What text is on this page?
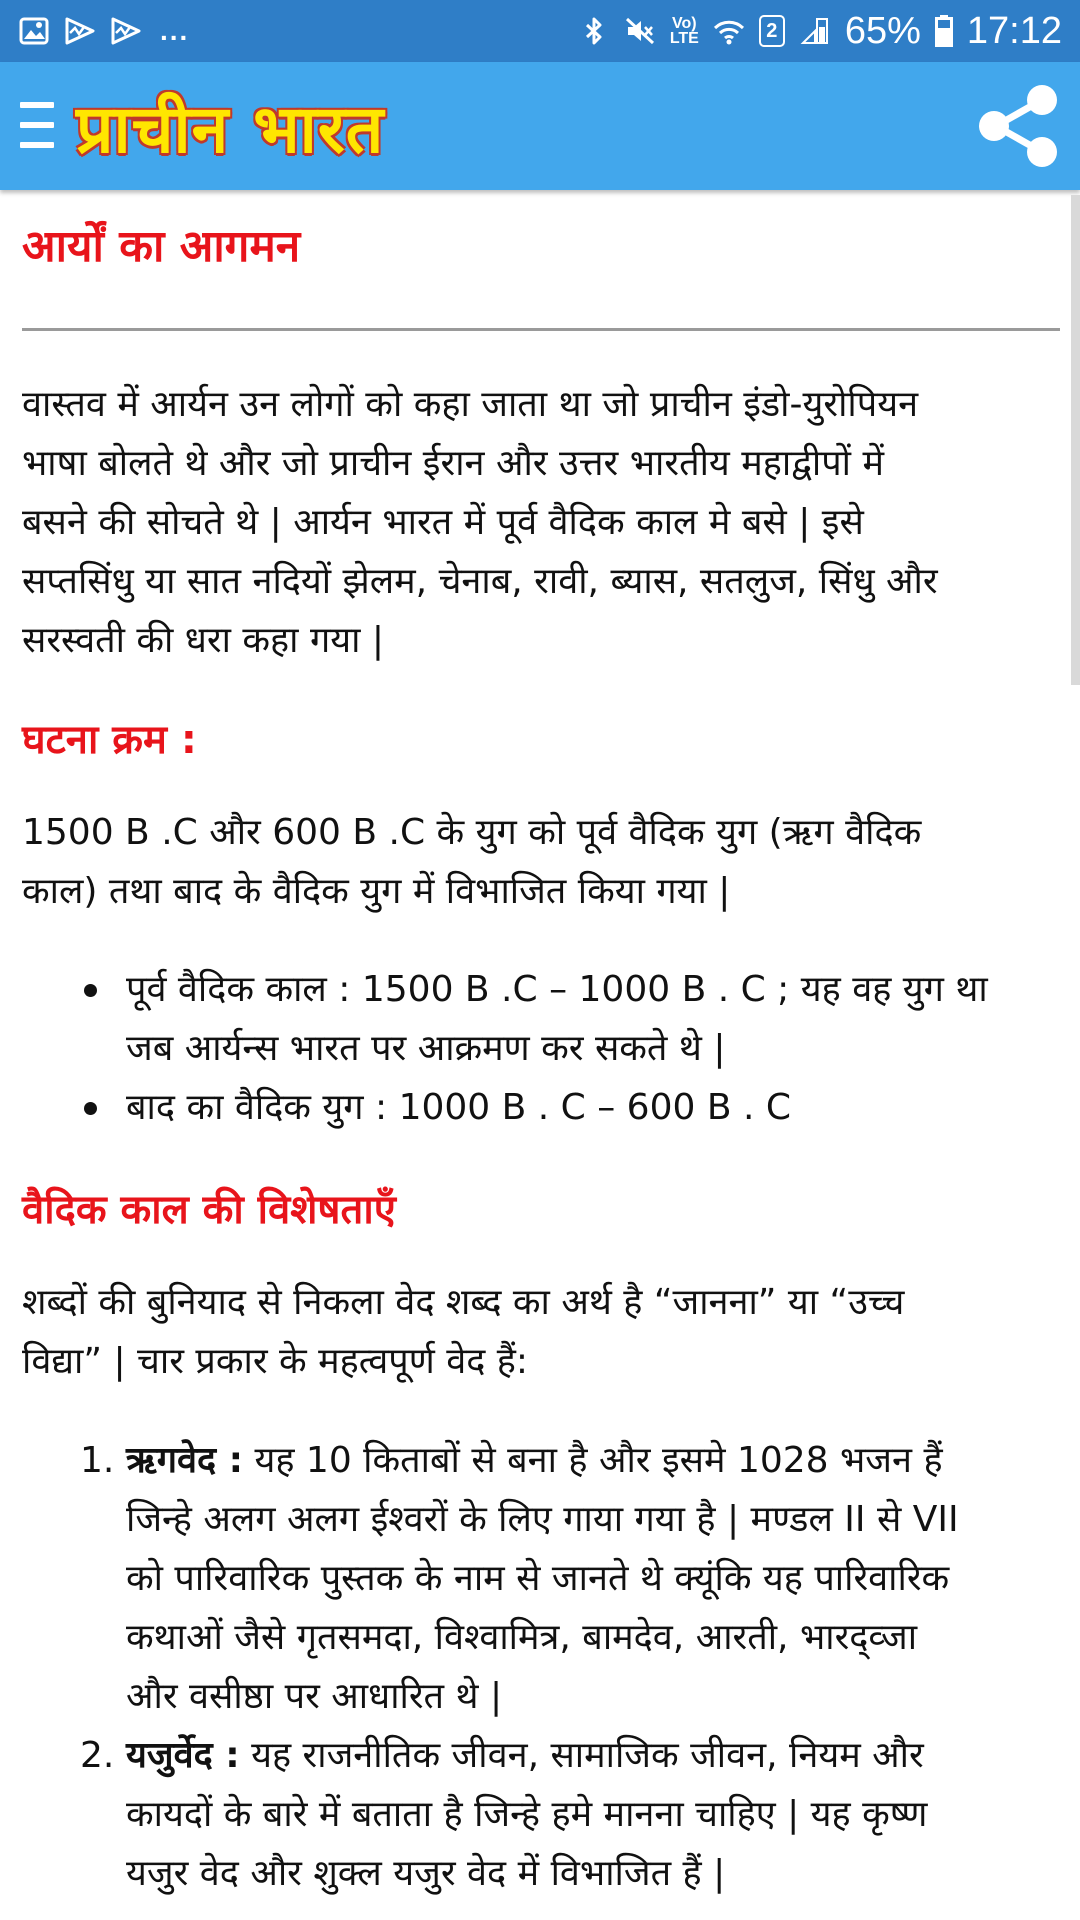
...	Vo)
LTE	2 65% 17:12
प्राचीन भारत
आर्यों का आगमन

वास्तव में आर्यन उन लोगों को कहा जाता था जो प्राचीन इंडो-युरोपियन
भाषा बोलते थे और जो प्राचीन ईरान और उत्तर भारतीय महाद्वीपों में
बसने की सोचते थे | आर्यन भारत में पूर्व वैदिक काल मे बसे | इसे
सप्तसिंधु या सात नदियों झेलम, चेनाब, रावी, ब्यास, सतलुज, सिंधु और
सरस्वती की धरा कहा गया |

घटना क्रम :

1500 B .C और 600 B .C के युग को पूर्व वैदिक युग (ऋग वैदिक
काल) तथा बाद के वैदिक युग में विभाजित किया गया |

पूर्व वैदिक काल : 1500 B .C – 1000 B . C ; यह वह युग था
जब आर्यन्स भारत पर आक्रमण कर सकते थे |
बाद का वैदिक युग : 1000 B . C – 600 B . C
वैदिक काल की विशेषताएँ

शब्दों की बुनियाद से निकला वेद शब्द का अर्थ है “जानना” या “उच्च
विद्या” | चार प्रकार के महत्वपूर्ण वेद हैं:

1. ऋगवेद : यह 10 किताबों से बना है और इसमे 1028 भजन हैं
जिन्हे अलग अलग ईश्वरों के लिए गाया गया है | मण्डल II से VII
को पारिवारिक पुस्तक के नाम से जानते थे क्यूंकि यह पारिवारिक
कथाओं जैसे गृतसमदा, विश्वामित्र, बामदेव, आरती, भारद्व्जा
और वसीष्ठा पर आधारित थे |
2. यजुर्वेद : यह राजनीतिक जीवन, सामाजिक जीवन, नियम और
कायदों के बारे में बताता है जिन्हे हमे मानना चाहिए | यह कृष्ण
यजुर वेद और शुक्ल यजुर वेद में विभाजित हैं |
